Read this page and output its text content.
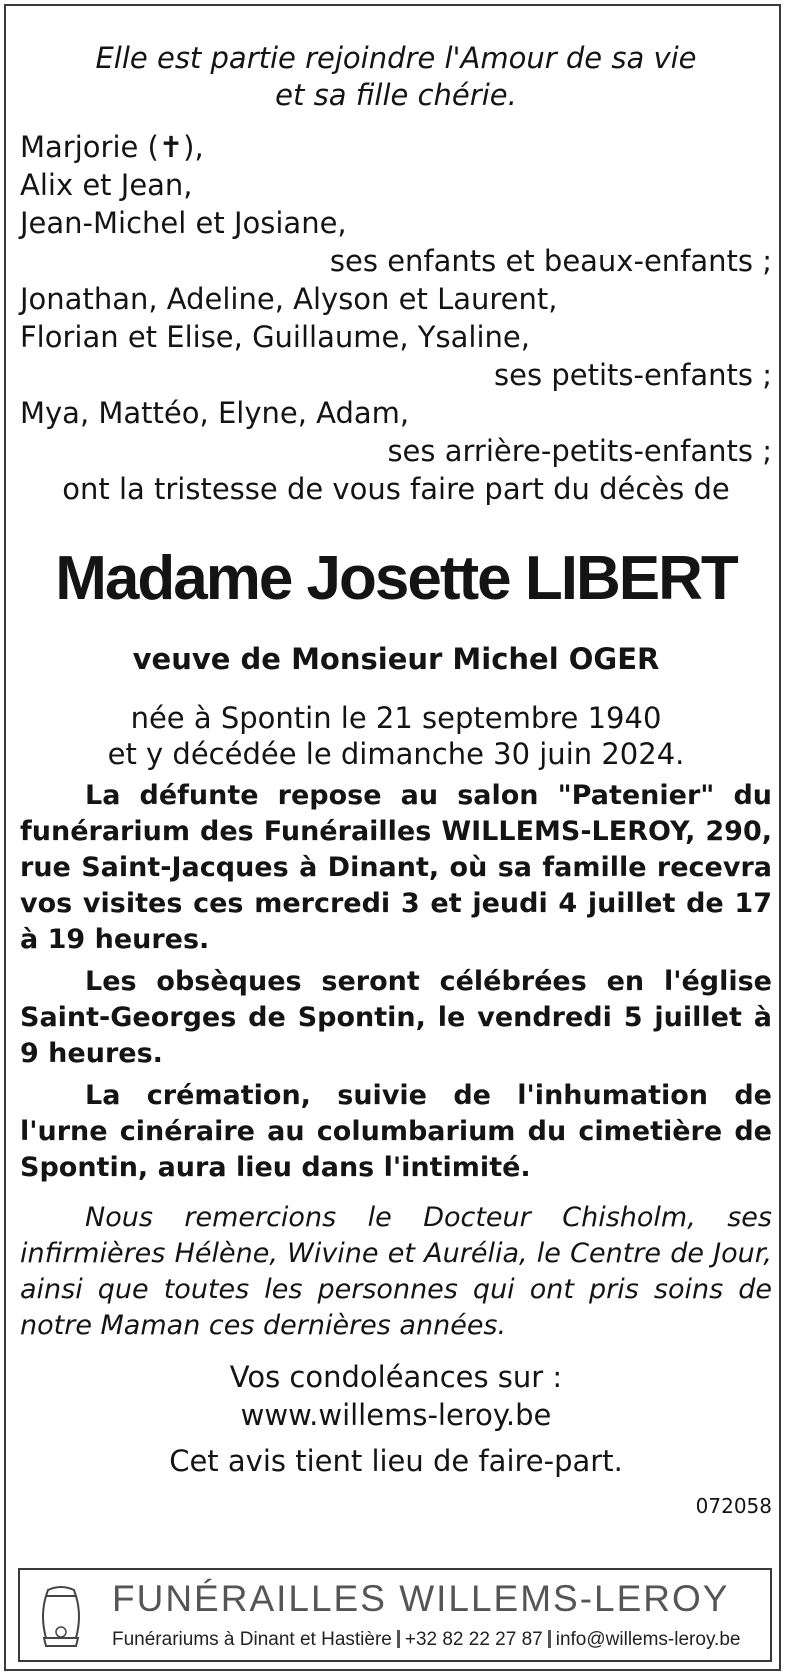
Elle est partie rejoindre l'Amour de sa vie
et sa fille chérie.

Marjorie (✝),
Alix et Jean,
Jean-Michel et Josiane,
ses enfants et beaux-enfants ;
Jonathan, Adeline, Alyson et Laurent,
Florian et Elise, Guillaume, Ysaline,
ses petits-enfants ;
Mya, Mattéo, Elyne, Adam,
ses arrière-petits-enfants ;

ont la tristesse de vous faire part du décès de

Madame Josette LIBERT
veuve de Monsieur Michel OGER
née à Spontin le 21 septembre 1940
et y décédée le dimanche 30 juin 2024.
La défunte repose au salon "Patenier" du funérarium des Funérailles WILLEMS-LEROY, 290, rue Saint-Jacques à Dinant, où sa famille recevra vos visites ces mercredi 3 et jeudi 4 juillet de 17 à 19 heures.
Les obsèques seront célébrées en l'église Saint-Georges de Spontin, le vendredi 5 juillet à 9 heures.
La crémation, suivie de l'inhumation de l'urne cinéraire au columbarium du cimetière de Spontin, aura lieu dans l'intimité.
Nous remercions le Docteur Chisholm, ses infirmières Hélène, Wivine et Aurélia, le Centre de Jour, ainsi que toutes les personnes qui ont pris soins de notre Maman ces dernières années.
Vos condoléances sur :
www.willems-leroy.be
Cet avis tient lieu de faire-part.
072058
FUNÉRAILLES WILLEMS-LEROY
Funérariums à Dinant et Hastière +32 82 22 27 87 info@willems-leroy.be
